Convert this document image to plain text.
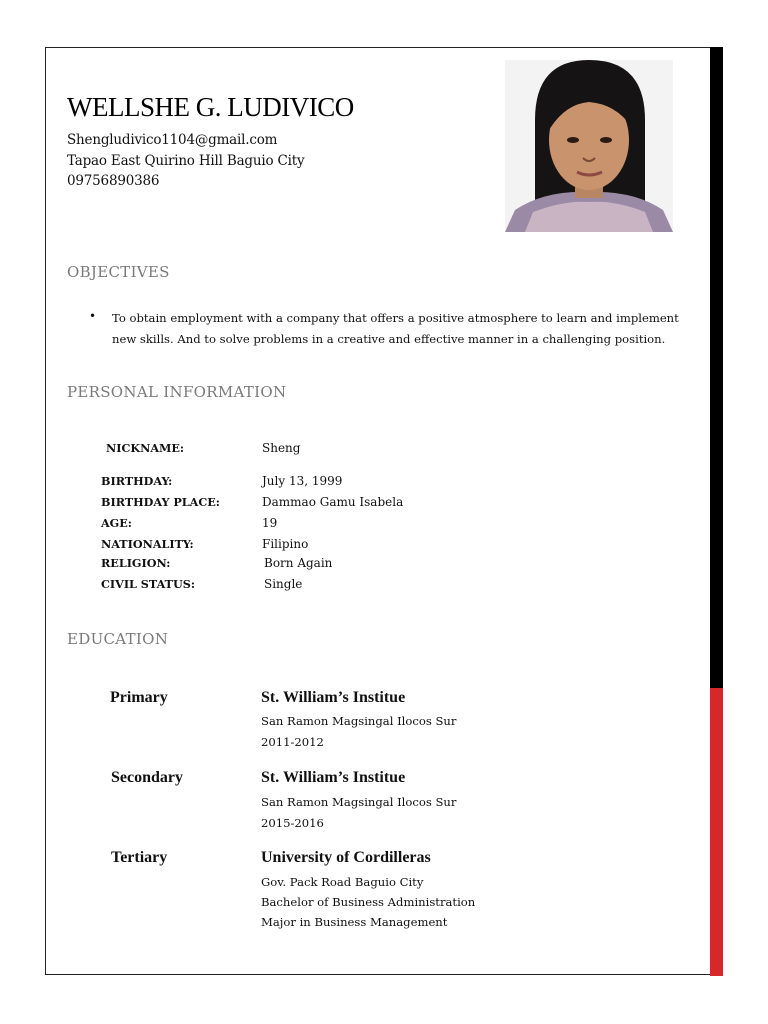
WELLSHE G. LUDIVICO

Shengludivico1104@gmail.com

Tapao East Quirino Hill Baguio City

09756890386

OBJECTIVES
• To obtain employment with a company that offers a positive atmosphere to learn and implement new skills. And to solve problems in a creative and effective manner in a challenging position.

PERSONAL INFORMATION

NICKNAME:	Sheng

BIRTHDAY:	July 13, 1999

BIRTHDAY PLACE:	Dammao Gamu Isabela

AGE:	19

NATIONALITY:	Filipino

RELIGION:	Born Again

CIVIL STATUS:	Single

EDUCATION

Primary	St. William’s Institue

San Ramon Magsingal Ilocos Sur

2011-2012

Secondary	St. William’s Institue

San Ramon Magsingal Ilocos Sur

2015-2016

Tertiary	University of Cordilleras

Gov. Pack Road Baguio City

Bachelor of Business Administration

Major in Business Management
